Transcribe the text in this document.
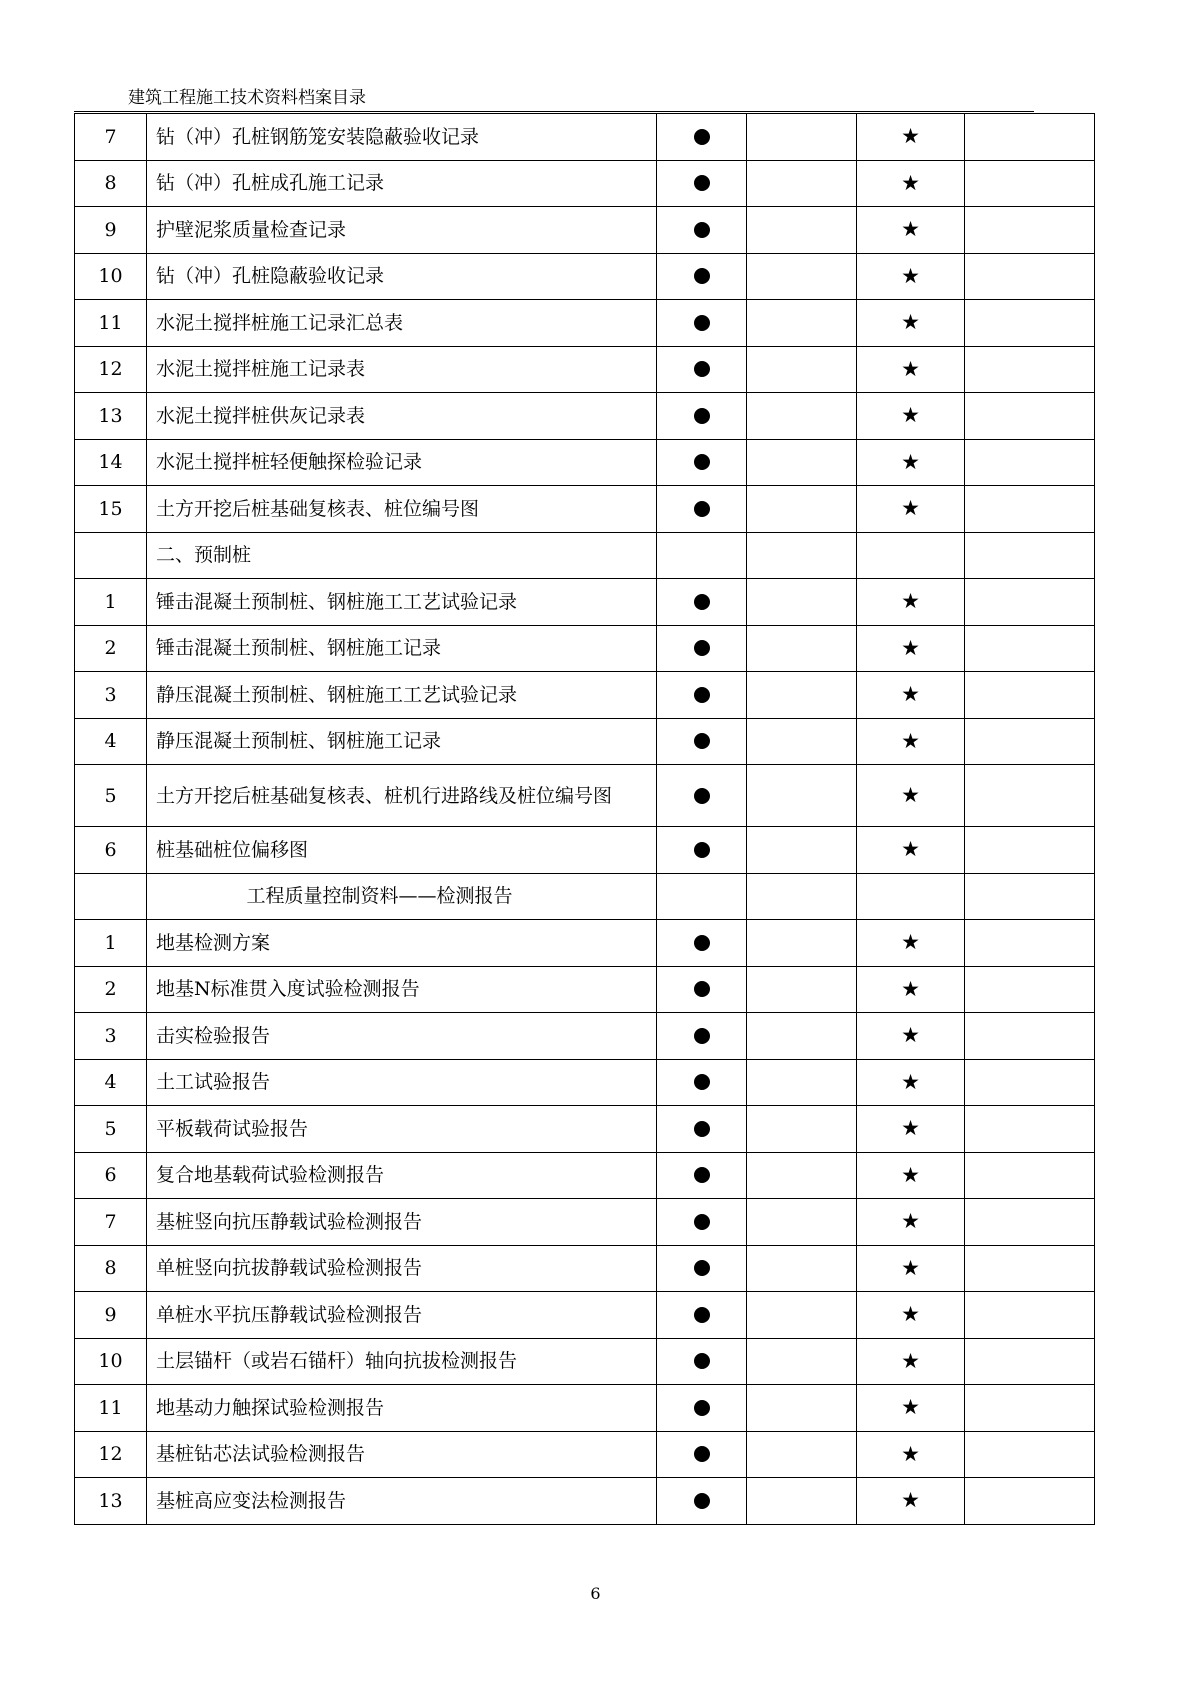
建筑工程施工技术资料档案目录
7	钻（冲）孔桩钢筋笼安装隐蔽验收记录			★	
8	钻（冲）孔桩成孔施工记录			★	
9	护壁泥浆质量检查记录			★	
10	钻（冲）孔桩隐蔽验收记录			★	
11	水泥土搅拌桩施工记录汇总表			★	
12	水泥土搅拌桩施工记录表			★	
13	水泥土搅拌桩供灰记录表			★	
14	水泥土搅拌桩轻便触探检验记录			★	
15	土方开挖后桩基础复核表、桩位编号图			★	
	二、预制桩				
1	锤击混凝土预制桩、钢桩施工工艺试验记录			★	
2	锤击混凝土预制桩、钢桩施工记录			★	
3	静压混凝土预制桩、钢桩施工工艺试验记录			★	
4	静压混凝土预制桩、钢桩施工记录			★	
5	土方开挖后桩基础复核表、桩机行进路线及桩位编号图			★	
6	桩基础桩位偏移图			★	

	工程质量控制资料——检测报告				

1	地基检测方案			★	
2	地基N标准贯入度试验检测报告			★	
3	击实检验报告			★	
4	土工试验报告			★	
5	平板载荷试验报告			★	
6	复合地基载荷试验检测报告			★	
7	基桩竖向抗压静载试验检测报告			★	
8	单桩竖向抗拔静载试验检测报告			★	
9	单桩水平抗压静载试验检测报告			★	
10	土层锚杆（或岩石锚杆）轴向抗拔检测报告			★	
11	地基动力触探试验检测报告			★	
12	基桩钻芯法试验检测报告			★	
13	基桩高应变法检测报告			★	
6
